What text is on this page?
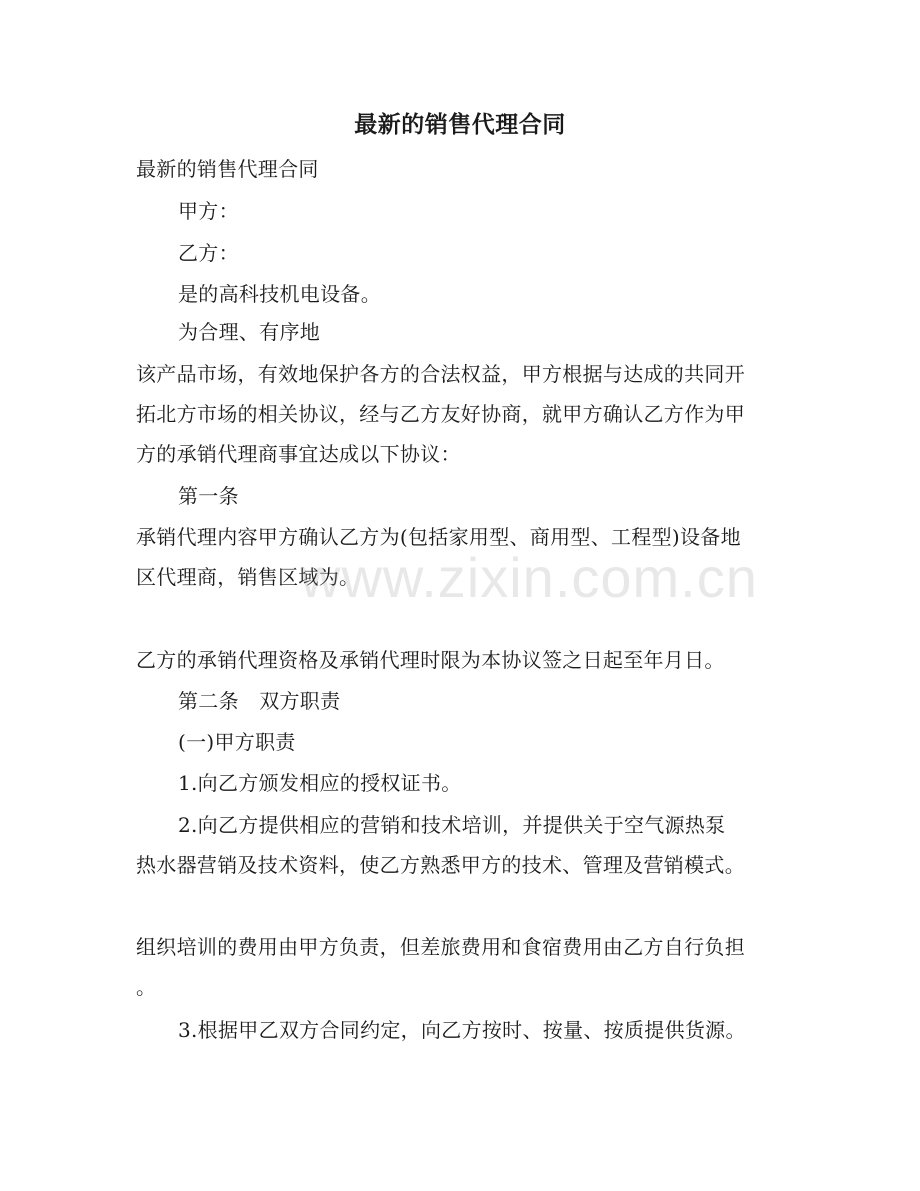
最新的销售代理合同
最新的销售代理合同
甲方：
乙方：
是的高科技机电设备。
为合理、有序地
该产品市场，有效地保护各方的合法权益，甲方根据与达成的共同开
拓北方市场的相关协议，经与乙方友好协商，就甲方确认乙方作为甲
方的承销代理商事宜达成以下协议：
第一条
承销代理内容甲方确认乙方为(包括家用型、商用型、工程型)设备地
区代理商，销售区域为。
乙方的承销代理资格及承销代理时限为本协议签之日起至年月日。
第二条　双方职责
(一)甲方职责
1.向乙方颁发相应的授权证书。
2.向乙方提供相应的营销和技术培训，并提供关于空气源热泵
热水器营销及技术资料，使乙方熟悉甲方的技术、管理及营销模式。
组织培训的费用由甲方负责，但差旅费用和食宿费用由乙方自行负担
。
3.根据甲乙双方合同约定，向乙方按时、按量、按质提供货源。
www.zixin.com.cn
